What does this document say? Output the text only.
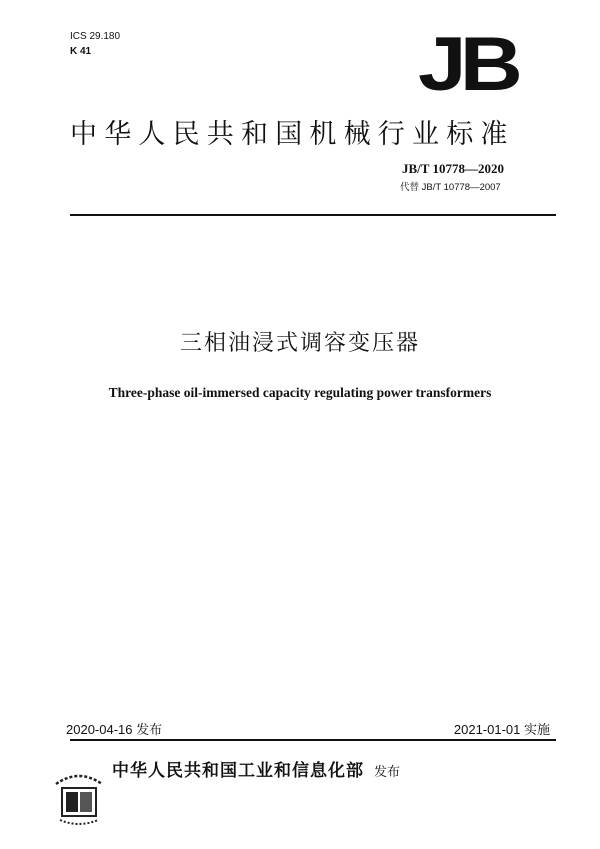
ICS 29.180
K 41	JB
中华人民共和国机械行业标准
JB/T 10778—2020
代替 JB/T 10778—2007
三相油浸式调容变压器
Three-phase oil-immersed capacity regulating power transformers
2020-04-16 发布	2021-01-01 实施
中华人民共和国工业和信息化部 发布
